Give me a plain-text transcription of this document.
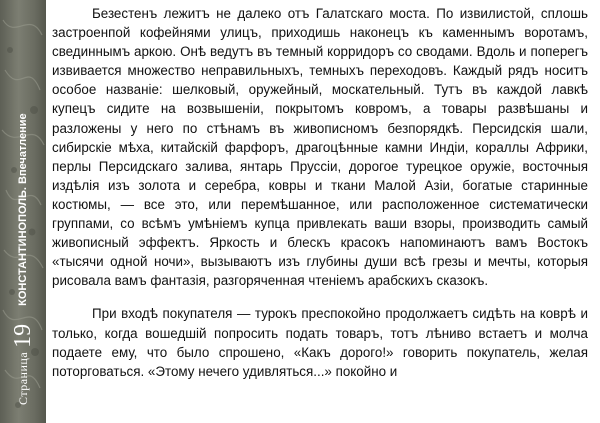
Страница
19
КОНСТАНТИНОПОЛЬ. Впечатление

Безестенъ лежитъ не далеко отъ Галатскаго моста. По извилистой, сплошь застроенпой кофейнями улицъ, приходишь наконецъ къ каменнымъ воротамъ, свединнымъ аркою. Онѣ ведутъ въ темный корридоръ со сводами. Вдоль и поперегъ извивается множество неправильныхъ, темныхъ переходовъ. Каждый рядъ носитъ особое названіе: шелковый, оружейный, москательный. Тутъ въ каждой лавкѣ купецъ сидите на возвышеніи, покрытомъ ковромъ, а товары развѣшаны и разложены у него по стѣнамъ въ живописномъ безпорядкѣ. Персидскія шали, сибирскіе мѣха, китайскій фарфоръ, драгоцѣнные камни Индіи, кораллы Африки, перлы Персидскаго залива, янтарь Пруссіи, дорогое турецкое оружіе, восточныя издѣлія изъ золота и серебра, ковры и ткани Малой Азіи, богатые старинные костюмы, — все это, или перемѣшанное, или расположенное систематически группами, со всѣмъ умѣніемъ купца привлекать ваши взоры, производить самый живописный эффектъ. Яркость и блескъ красокъ напоминаютъ вамъ Востокъ «тысячи одной ночи», вызываютъ изъ глубины души всѣ грезы и мечты, которыя рисовала вамъ фантазія, разгоряченная чтеніемъ арабскихъ сказокъ.

При входѣ покупателя — турокъ преспокойно продолжаетъ сидѣть на коврѣ и только, когда вошедшій попросить подать товаръ, тотъ лѣниво встаетъ и молча подаете ему, что было спрошено, «Какъ дорого!» говорить покупатель, желая поторговаться. «Этому нечего удивляться...» покойно и
